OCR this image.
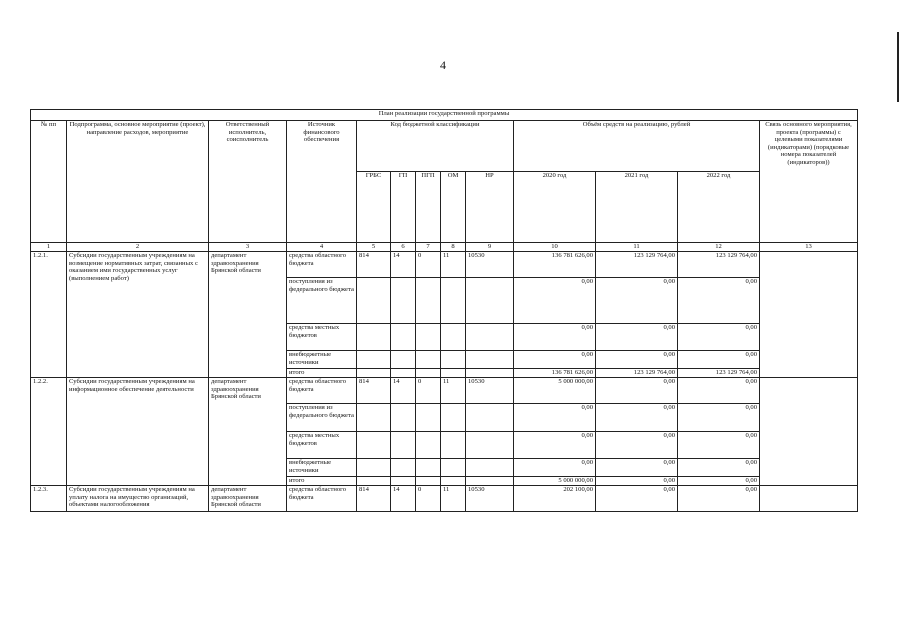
4
План реализации государственной программы												
№ пп	Подпрограмма, основное мероприятие (проект), направление расходов, мероприятие	Ответственный исполнитель, соисполнитель	Источник финансового обеспечения	Код бюджетной классификации					Объём средств на реализацию, рублей			Связь основного мероприятия, проекта (программы) с целевыми показателями (индикаторами) (порядковые номера показателей (индикаторов))
				ГРБС	ГП	ПГП	ОМ	НР	2020 год	2021 год	2022 год	
1	2	3	4	5	6	7	8	9	10	11	12	13
1.2.1.	Субсидии государственным учреждениям на возмещение нормативных затрат, связанных с оказанием ими государственных услуг (выполнением работ)	департамент здравоохранения Брянской области	средства областного бюджета	814	14	0	11	10530	136 781 626,00	123 129 764,00	123 129 764,00	
			поступления из федерального бюджета						0,00	0,00	0,00	
			средства местных бюджетов						0,00	0,00	0,00	
			внебюджетные источники						0,00	0,00	0,00	
			итого						136 781 626,00	123 129 764,00	123 129 764,00	
1.2.2.	Субсидии государственным учреждениям на информационное обеспечение деятельности	департамент здравоохранения Брянской области	средства областного бюджета	814	14	0	11	10530	5 000 000,00	0,00	0,00	
			поступления из федерального бюджета						0,00	0,00	0,00	
			средства местных бюджетов						0,00	0,00	0,00	
			внебюджетные источники						0,00	0,00	0,00	
			итого						5 000 000,00	0,00	0,00	
1.2.3.	Субсидии государственным учреждениям на уплату налога на имущество организаций, объектами налогообложения	департамент здравоохранения Брянской области	средства областного бюджета	814	14	0	11	10530	202 100,00	0,00	0,00	
